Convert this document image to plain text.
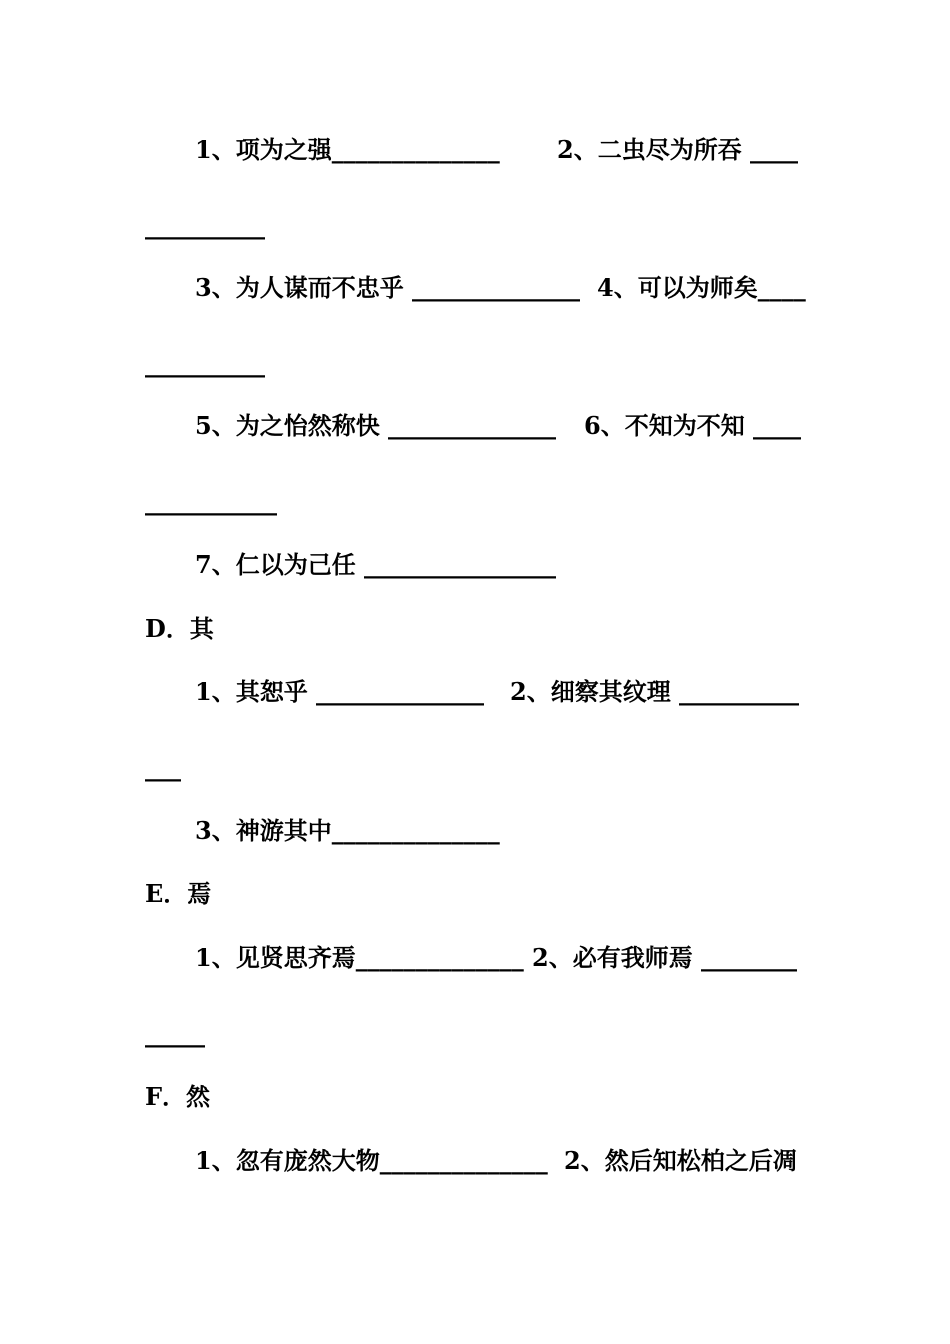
1、项为之强______________ 2、二虫尽为所吞 ____
__________
3、为人谋而不忠乎 ______________ 4、可以为师矣____
__________
5、为之怡然称快 ______________ 6、不知为不知 ____
___________
7、仁以为己任 ________________
D．其
1、其恕乎 ______________ 2、细察其纹理 __________
___
3、神游其中______________
E．焉
1、见贤思齐焉______________ 2、必有我师焉 ________
_____
F．然
1、忽有庞然大物______________ 2、然后知松柏之后凋
